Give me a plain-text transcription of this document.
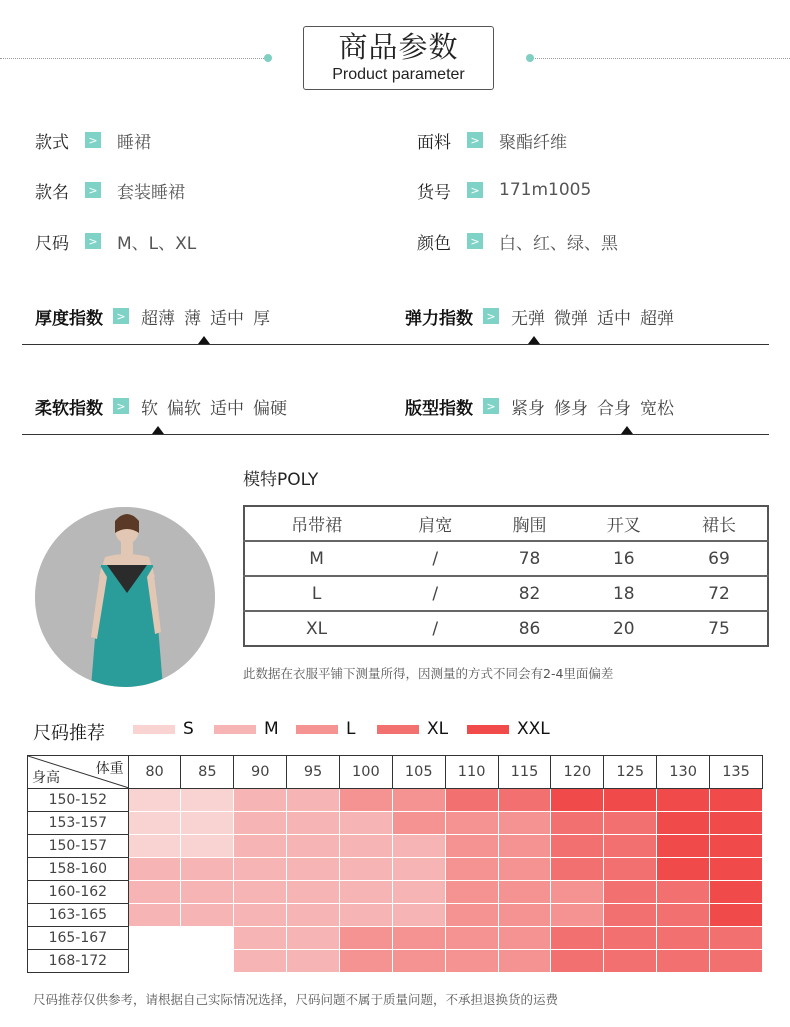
商品参数
Product parameter
款式	> 睡裙
款名	> 套装睡裙
尺码	> M、L、XL
面料	> 聚酯纤维
货号	> 171m1005
颜色	> 白、红、绿、黑
厚度指数	> 超薄 薄 适中 厚	弹力指数	> 无弹 微弹 适中 超弹
柔软指数	> 软 偏软 适中 偏硬	版型指数	> 紧身 修身 合身 宽松
模特POLY
吊带裙	肩宽	胸围	开叉	裙长
M	/	78	16	69
L	/	82	18	72
XL	/	86	20	75
此数据在衣服平铺下测量所得，因测量的方式不同会有2-4里面偏差
尺码推荐	S	M	L	XL	XXL
体重
身高	80	85	90	95	100	105	110	115	120	125	130	135
150-152												
153-157												
150-157												
158-160												
160-162												
163-165												
165-167												
168-172												
尺码推荐仅供参考，请根据自己实际情况选择，尺码问题不属于质量问题，不承担退换货的运费
